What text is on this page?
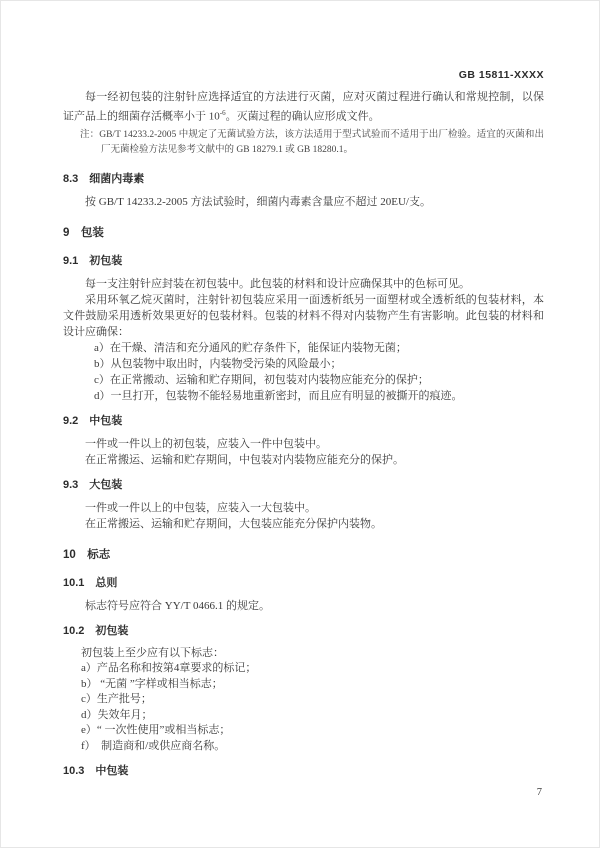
GB 15811-XXXX

每一经初包装的注射针应选择适宜的方法进行灭菌，应对灭菌过程进行确认和常规控制，以保证产品上的细菌存活概率小于 $10^{-6}$。灭菌过程的确认应形成文件。

注：GB/T 14233.2-2005 中规定了无菌试验方法，该方法适用于型式试验而不适用于出厂检验。适宜的灭菌和出厂无菌检验方法见参考文献中的 GB 18279.1 或 GB 18280.1。

8.3　细菌内毒素

按 GB/T 14233.2-2005 方法试验时，细菌内毒素含量应不超过 20EU/支。

9　包装
9.1　初包装

每一支注射针应封装在初包装中。此包装的材料和设计应确保其中的色标可见。

采用环氧乙烷灭菌时，注射针初包装应采用一面透析纸另一面塑材或全透析纸的包装材料，本文件鼓励采用透析效果更好的包装材料。包装的材料不得对内装物产生有害影响。此包装的材料和设计应确保：

a）在干燥、清洁和充分通风的贮存条件下，能保证内装物无菌；
b）从包装物中取出时，内装物受污染的风险最小；
c）在正常搬动、运输和贮存期间，初包装对内装物应能充分的保护；
d）一旦打开，包装物不能轻易地重新密封，而且应有明显的被撕开的痕迹。
9.2　中包装

一件或一件以上的初包装，应装入一件中包装中。

在正常搬运、运输和贮存期间，中包装对内装物应能充分的保护。

9.3　大包装

一件或一件以上的中包装，应装入一大包装中。

在正常搬运、运输和贮存期间，大包装应能充分保护内装物。

10　标志
10.1　总则

标志符号应符合 YY/T 0466.1 的规定。

10.2　初包装

初包装上至少应有以下标志：

a）产品名称和按第4章要求的标记；
b） “无菌 ”字样或相当标志；
c）生产批号；
d）失效年月；
e）“ 一次性使用”或相当标志；
f）　制造商和/或供应商名称。
10.3　中包装
7
